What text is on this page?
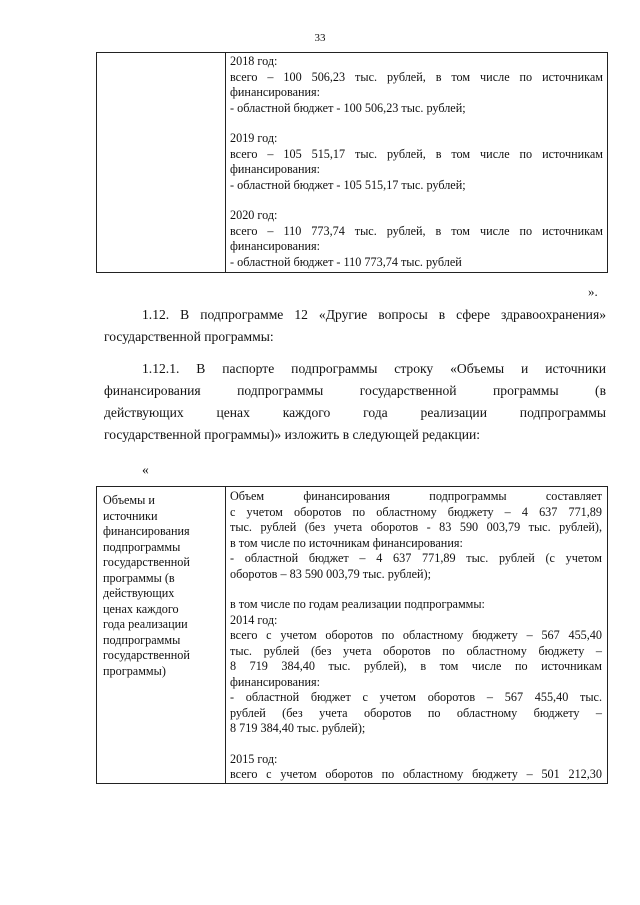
33

2018 год:
всего – 100 506,23 тыс. рублей, в том числе по источникам
финансирования:
- областной бюджет - 100 506,23 тыс. рублей;
2019 год:
всего – 105 515,17 тыс. рублей, в том числе по источникам
финансирования:
- областной бюджет - 105 515,17 тыс. рублей;
2020 год:
всего – 110 773,74 тыс. рублей, в том числе по источникам
финансирования:
- областной бюджет - 110 773,74 тыс. рублей
».
1.12. В подпрограмме 12 «Другие вопросы в сфере здравоохранения»
государственной программы:
1.12.1. В паспорте подпрограммы строку «Объемы и источники
финансирования подпрограммы государственной программы (в
действующих ценах каждого года реализации подпрограммы
государственной программы)» изложить в следующей редакции:
«
Объемы и
источники
финансирования
подпрограммы
государственной
программы (в
действующих
ценах каждого
года реализации
подпрограммы
государственной
программы)

Объем финансирования подпрограммы составляет
с учетом оборотов по областному бюджету – 4 637 771,89
тыс. рублей (без учета оборотов - 83 590 003,79 тыс. рублей),
в том числе по источникам финансирования:
- областной бюджет – 4 637 771,89 тыс. рублей (с учетом
оборотов – 83 590 003,79 тыс. рублей);
в том числе по годам реализации подпрограммы:
2014 год:
всего с учетом оборотов по областному бюджету – 567 455,40
тыс. рублей (без учета оборотов по областному бюджету –
8 719 384,40 тыс. рублей), в том числе по источникам
финансирования:
- областной бюджет с учетом оборотов – 567 455,40 тыс.
рублей (без учета оборотов по областному бюджету –
8 719 384,40 тыс. рублей);
2015 год:
всего с учетом оборотов по областному бюджету – 501 212,30
